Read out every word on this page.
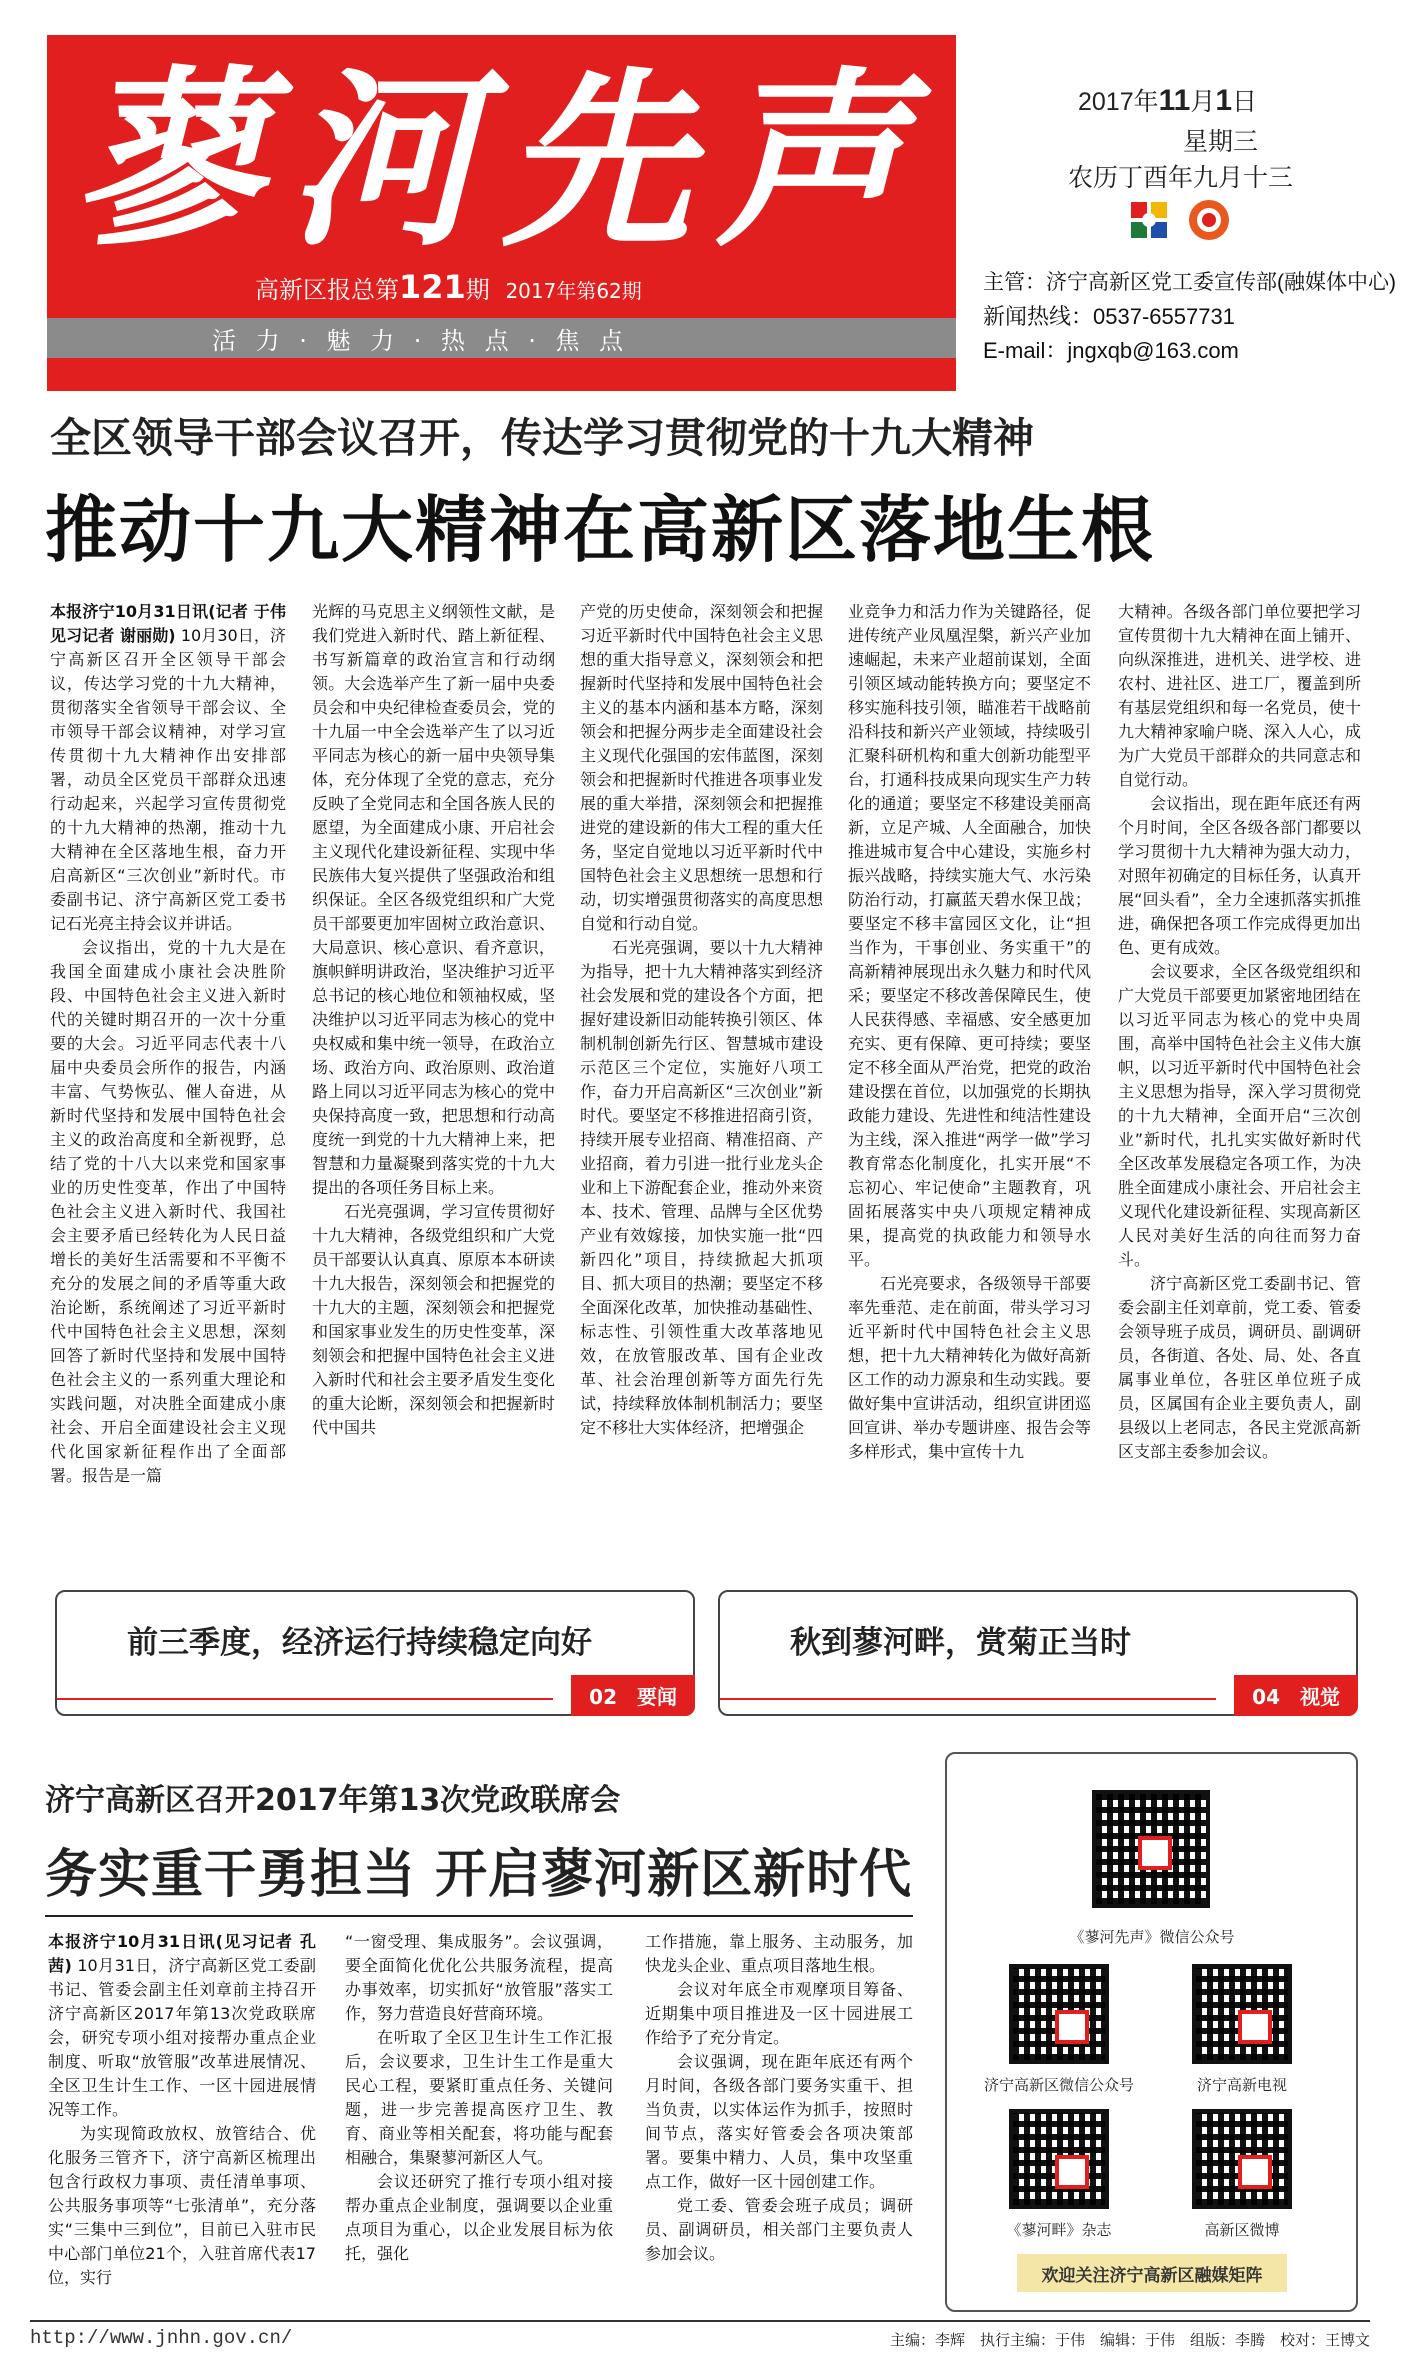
蓼河先声
高新区报总第121期 2017年第62期
活 力 · 魅 力 · 热 点 · 焦 点
2017年11月1日
星期三
农历丁酉年九月十三
主管：济宁高新区党工委宣传部(融媒体中心)
新闻热线：0537-6557731
E-mail：jngxqb@163.com
全区领导干部会议召开，传达学习贯彻党的十九大精神
推动十九大精神在高新区落地生根

本报济宁10月31日讯(记者 于伟 见习记者 谢丽勋) 10月30日，济宁高新区召开全区领导干部会议，传达学习党的十九大精神，贯彻落实全省领导干部会议、全市领导干部会议精神，对学习宣传贯彻十九大精神作出安排部署，动员全区党员干部群众迅速行动起来，兴起学习宣传贯彻党的十九大精神的热潮，推动十九大精神在全区落地生根，奋力开启高新区“三次创业”新时代。市委副书记、济宁高新区党工委书记石光亮主持会议并讲话。

会议指出，党的十九大是在我国全面建成小康社会决胜阶段、中国特色社会主义进入新时代的关键时期召开的一次十分重要的大会。习近平同志代表十八届中央委员会所作的报告，内涵丰富、气势恢弘、催人奋进，从新时代坚持和发展中国特色社会主义的政治高度和全新视野，总结了党的十八大以来党和国家事业的历史性变革，作出了中国特色社会主义进入新时代、我国社会主要矛盾已经转化为人民日益增长的美好生活需要和不平衡不充分的发展之间的矛盾等重大政治论断，系统阐述了习近平新时代中国特色社会主义思想，深刻回答了新时代坚持和发展中国特色社会主义的一系列重大理论和实践问题，对决胜全面建成小康社会、开启全面建设社会主义现代化国家新征程作出了全面部署。报告是一篇

光辉的马克思主义纲领性文献，是我们党进入新时代、踏上新征程、书写新篇章的政治宣言和行动纲领。大会选举产生了新一届中央委员会和中央纪律检查委员会，党的十九届一中全会选举产生了以习近平同志为核心的新一届中央领导集体，充分体现了全党的意志，充分反映了全党同志和全国各族人民的愿望，为全面建成小康、开启社会主义现代化建设新征程、实现中华民族伟大复兴提供了坚强政治和组织保证。全区各级党组织和广大党员干部要更加牢固树立政治意识、大局意识、核心意识、看齐意识，旗帜鲜明讲政治，坚决维护习近平总书记的核心地位和领袖权威，坚决维护以习近平同志为核心的党中央权威和集中统一领导，在政治立场、政治方向、政治原则、政治道路上同以习近平同志为核心的党中央保持高度一致，把思想和行动高度统一到党的十九大精神上来，把智慧和力量凝聚到落实党的十九大提出的各项任务目标上来。

石光亮强调，学习宣传贯彻好十九大精神，各级党组织和广大党员干部要认认真真、原原本本研读十九大报告，深刻领会和把握党的十九大的主题，深刻领会和把握党和国家事业发生的历史性变革，深刻领会和把握中国特色社会主义进入新时代和社会主要矛盾发生变化的重大论断，深刻领会和把握新时代中国共

产党的历史使命，深刻领会和把握习近平新时代中国特色社会主义思想的重大指导意义，深刻领会和把握新时代坚持和发展中国特色社会主义的基本内涵和基本方略，深刻领会和把握分两步走全面建设社会主义现代化强国的宏伟蓝图，深刻领会和把握新时代推进各项事业发展的重大举措，深刻领会和把握推进党的建设新的伟大工程的重大任务，坚定自觉地以习近平新时代中国特色社会主义思想统一思想和行动，切实增强贯彻落实的高度思想自觉和行动自觉。

石光亮强调，要以十九大精神为指导，把十九大精神落实到经济社会发展和党的建设各个方面，把握好建设新旧动能转换引领区、体制机制创新先行区、智慧城市建设示范区三个定位，实施好八项工作，奋力开启高新区“三次创业”新时代。要坚定不移推进招商引资，持续开展专业招商、精准招商、产业招商，着力引进一批行业龙头企业和上下游配套企业，推动外来资本、技术、管理、品牌与全区优势产业有效嫁接，加快实施一批“四新四化”项目，持续掀起大抓项目、抓大项目的热潮；要坚定不移全面深化改革，加快推动基础性、标志性、引领性重大改革落地见效，在放管服改革、国有企业改革、社会治理创新等方面先行先试，持续释放体制机制活力；要坚定不移壮大实体经济，把增强企

业竞争力和活力作为关键路径，促进传统产业凤凰涅槃，新兴产业加速崛起，未来产业超前谋划，全面引领区域动能转换方向；要坚定不移实施科技引领，瞄准若干战略前沿科技和新兴产业领域，持续吸引汇聚科研机构和重大创新功能型平台，打通科技成果向现实生产力转化的通道；要坚定不移建设美丽高新，立足产城、人全面融合，加快推进城市复合中心建设，实施乡村振兴战略，持续实施大气、水污染防治行动，打赢蓝天碧水保卫战；要坚定不移丰富园区文化，让“担当作为，干事创业、务实重干”的高新精神展现出永久魅力和时代风采；要坚定不移改善保障民生，使人民获得感、幸福感、安全感更加充实、更有保障、更可持续；要坚定不移全面从严治党，把党的政治建设摆在首位，以加强党的长期执政能力建设、先进性和纯洁性建设为主线，深入推进“两学一做”学习教育常态化制度化，扎实开展“不忘初心、牢记使命”主题教育，巩固拓展落实中央八项规定精神成果，提高党的执政能力和领导水平。

石光亮要求，各级领导干部要率先垂范、走在前面，带头学习习近平新时代中国特色社会主义思想，把十九大精神转化为做好高新区工作的动力源泉和生动实践。要做好集中宣讲活动，组织宣讲团巡回宣讲、举办专题讲座、报告会等多样形式，集中宣传十九

大精神。各级各部门单位要把学习宣传贯彻十九大精神在面上铺开、向纵深推进，进机关、进学校、进农村、进社区、进工厂，覆盖到所有基层党组织和每一名党员，使十九大精神家喻户晓、深入人心，成为广大党员干部群众的共同意志和自觉行动。

会议指出，现在距年底还有两个月时间，全区各级各部门都要以学习贯彻十九大精神为强大动力，对照年初确定的目标任务，认真开展“回头看”，全力全速抓落实抓推进，确保把各项工作完成得更加出色、更有成效。

会议要求，全区各级党组织和广大党员干部要更加紧密地团结在以习近平同志为核心的党中央周围，高举中国特色社会主义伟大旗帜，以习近平新时代中国特色社会主义思想为指导，深入学习贯彻党的十九大精神，全面开启“三次创业”新时代，扎扎实实做好新时代全区改革发展稳定各项工作，为决胜全面建成小康社会、开启社会主义现代化建设新征程、实现高新区人民对美好生活的向往而努力奋斗。

济宁高新区党工委副书记、管委会副主任刘章前，党工委、管委会领导班子成员，调研员、副调研员，各街道、各处、局、处、各直属事业单位，各驻区单位班子成员，区属国有企业主要负责人，副县级以上老同志，各民主党派高新区支部主委参加会议。

前三季度，经济运行持续稳定向好
02　 要闻
秋到蓼河畔，赏菊正当时
04　 视觉
济宁高新区召开2017年第13次党政联席会
务实重干勇担当 开启蓼河新区新时代

本报济宁10月31日讯(见习记者 孔茜) 10月31日，济宁高新区党工委副书记、管委会副主任刘章前主持召开济宁高新区2017年第13次党政联席会，研究专项小组对接帮办重点企业制度、听取“放管服”改革进展情况、全区卫生计生工作、一区十园进展情况等工作。

为实现简政放权、放管结合、优化服务三管齐下，济宁高新区梳理出包含行政权力事项、责任清单事项、公共服务事项等“七张清单”，充分落实“三集中三到位”，目前已入驻市民中心部门单位21个，入驻首席代表17位，实行

“一窗受理、集成服务”。会议强调，要全面简化优化公共服务流程，提高办事效率，切实抓好“放管服”落实工作，努力营造良好营商环境。

在听取了全区卫生计生工作汇报后，会议要求，卫生计生工作是重大民心工程，要紧盯重点任务、关键问题，进一步完善提高医疗卫生、教育、商业等相关配套，将功能与配套相融合，集聚蓼河新区人气。

会议还研究了推行专项小组对接帮办重点企业制度，强调要以企业重点项目为重心，以企业发展目标为依托，强化

工作措施，靠上服务、主动服务，加快龙头企业、重点项目落地生根。

会议对年底全市观摩项目筹备、近期集中项目推进及一区十园进展工作给予了充分肯定。

会议强调，现在距年底还有两个月时间，各级各部门要务实重干、担当负责，以实体运作为抓手，按照时间节点，落实好管委会各项决策部署。要集中精力、人员，集中攻坚重点工作，做好一区十园创建工作。

党工委、管委会班子成员；调研员、副调研员，相关部门主要负责人参加会议。

《蓼河先声》微信公众号
济宁高新区微信公众号	济宁高新电视
《蓼河畔》杂志	高新区微博
欢迎关注济宁高新区融媒矩阵
http://www.jnhn.gov.cn/	主编：李辉　执行主编：于伟　编辑：于伟　组版：李腾　校对：王博文
